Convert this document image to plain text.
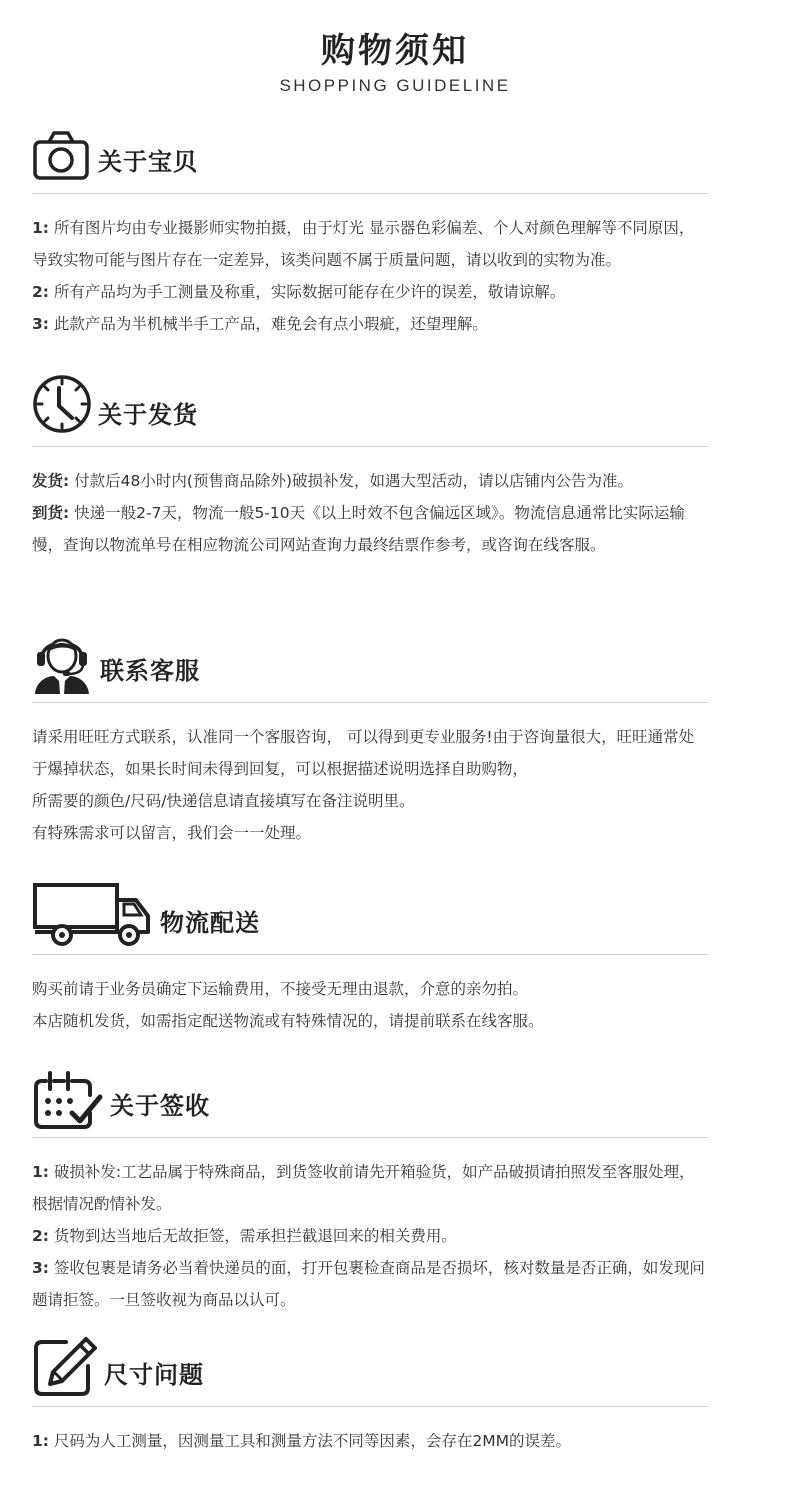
购物须知
SHOPPING GUIDELINE
关于宝贝

1: 所有图片均由专业摄影师实物拍摄，由于灯光 显示器色彩偏差、个人对颜色理解等不同原因，导致实物可能与图片存在一定差异，该类问题不属于质量问题，请以收到的实物为准。

2: 所有产品均为手工测量及称重，实际数据可能存在少许的误差，敬请谅解。

3: 此款产品为半机械半手工产品，难免会有点小瑕疵，还望理解。

关于发货

发货: 付款后48小时内(预售商品除外)破损补发，如遇大型活动，请以店铺内公告为准。

到货: 快递一般2-7天，物流一般5-10天《以上时效不包含偏远区域》。物流信息通常比实际运输慢，查询以物流单号在相应物流公司网站查询力最终结票作参考，或咨询在线客服。

联系客服

请采用旺旺方式联系，认准同一个客服咨询， 可以得到更专业服务!由于咨询量很大，旺旺通常处于爆掉状态，如果长时间未得到回复，可以根据描述说明选择自助购物，

所需要的颜色/尺码/快递信息请直接填写在备注说明里。

有特殊需求可以留言，我们会一一处理。

物流配送

购买前请于业务员确定下运输费用，不接受无理由退款，介意的亲勿拍。

本店随机发货，如需指定配送物流或有特殊情况的，请提前联系在线客服。

关于签收

1: 破损补发:工艺品属于特殊商品，到货签收前请先开箱验货，如产品破损请拍照发至客服处理，根据情况酌情补发。

2: 货物到达当地后无故拒签，需承担拦截退回来的相关费用。

3: 签收包裹是请务必当着快递员的面，打开包裹检查商品是否损坏，核对数量是否正确，如发现问题请拒签。一旦签收视为商品以认可。

尺寸问题

1: 尺码为人工测量，因测量工具和测量方法不同等因素，会存在2MM的误差。
